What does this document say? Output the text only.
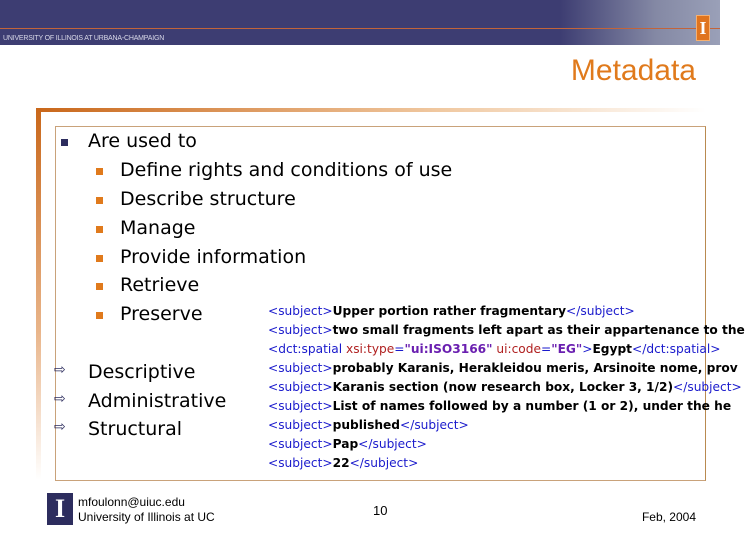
UNIVERSITY OF ILLINOIS AT URBANA-CHAMPAIGN
I
Metadata
Are used to
Define rights and conditions of use
Describe structure
Manage
Provide information
Retrieve
Preserve
⇨ Descriptive
⇨ Administrative
⇨ Structural
<subject>Upper portion rather fragmentary</subject>
<subject>two small fragments left apart as their appartenance to the
<dct:spatial xsi:type="ui:ISO3166" ui:code="EG">Egypt</dct:spatial>
<subject>probably Karanis, Herakleidou meris, Arsinoite nome, prov
<subject>Karanis section (now research box, Locker 3, 1/2)</subject>
<subject>List of names followed by a number (1 or 2), under the he
<subject>published</subject>
<subject>Pap</subject>
<subject>22</subject>
I	mfoulonn@uiuc.edu
University of Illinois at UC	10	Feb, 2004
